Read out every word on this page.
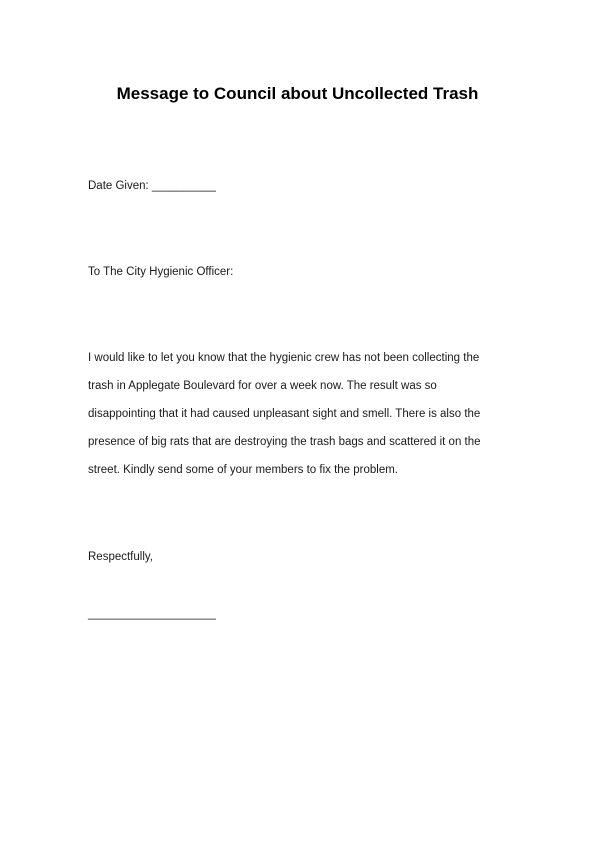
Message to Council about Uncollected Trash
Date Given: __________
To The City Hygienic Officer:
I would like to let you know that the hygienic crew has not been collecting the
trash in Applegate Boulevard for over a week now. The result was so
disappointing that it had caused unpleasant sight and smell. There is also the
presence of big rats that are destroying the trash bags and scattered it on the
street. Kindly send some of your members to fix the problem.
Respectfully,
____________________
